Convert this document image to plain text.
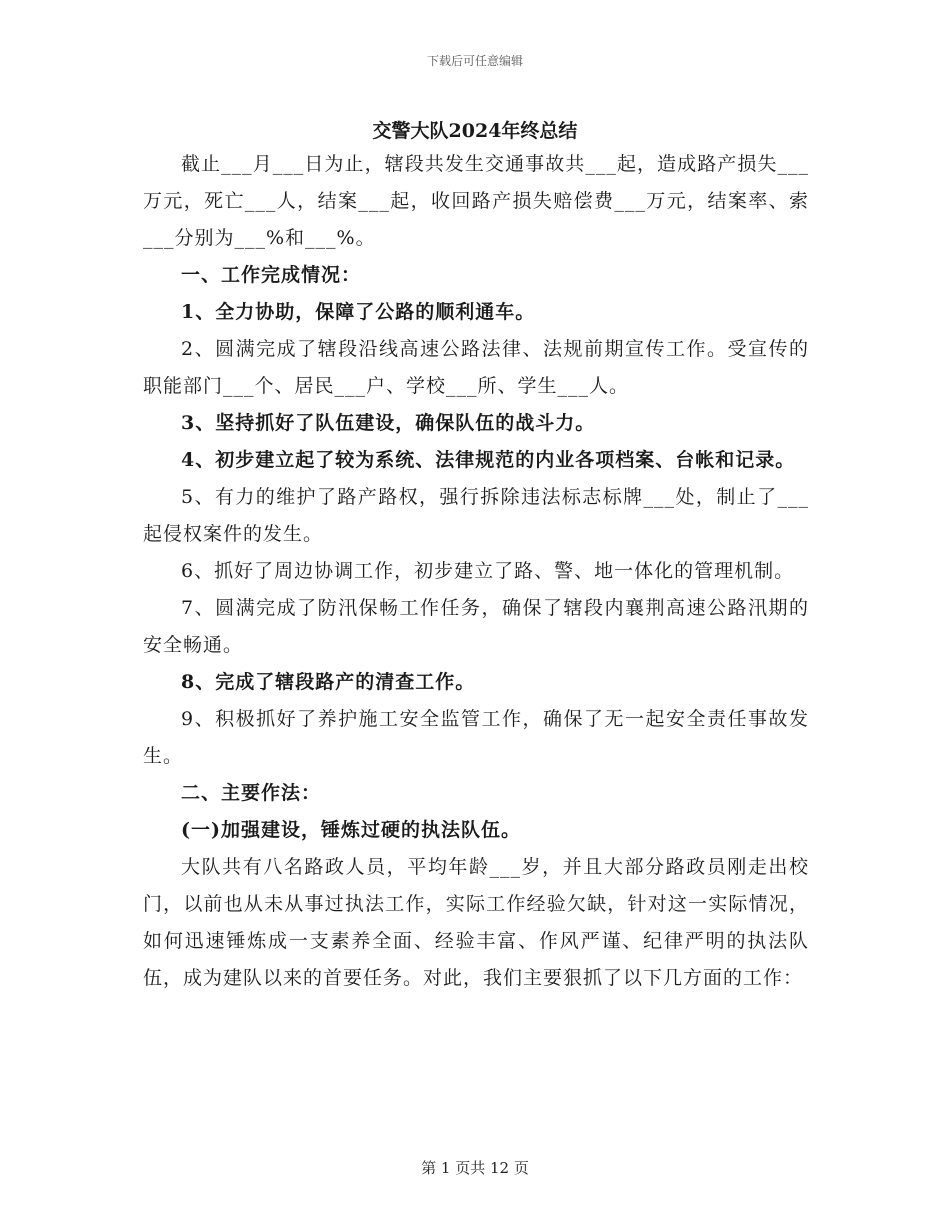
下载后可任意编辑
交警大队2024年终总结

截止___月___日为止，辖段共发生交通事故共___起，造成路产损失___万元，死亡___人，结案___起，收回路产损失赔偿费___万元，结案率、索___分别为___%和___%。

一、工作完成情况：

1、全力协助，保障了公路的顺利通车。

2、圆满完成了辖段沿线高速公路法律、法规前期宣传工作。受宣传的职能部门___个、居民___户、学校___所、学生___人。

3、坚持抓好了队伍建设，确保队伍的战斗力。

4、初步建立起了较为系统、法律规范的内业各项档案、台帐和记录。

5、有力的维护了路产路权，强行拆除违法标志标牌___处，制止了___起侵权案件的发生。

6、抓好了周边协调工作，初步建立了路、警、地一体化的管理机制。

7、圆满完成了防汛保畅工作任务，确保了辖段内襄荆高速公路汛期的安全畅通。

8、完成了辖段路产的清查工作。

9、积极抓好了养护施工安全监管工作，确保了无一起安全责任事故发生。

二、主要作法：

(一)加强建设，锤炼过硬的执法队伍。

大队共有八名路政人员，平均年龄___岁，并且大部分路政员刚走出校门，以前也从未从事过执法工作，实际工作经验欠缺，针对这一实际情况，如何迅速锤炼成一支素养全面、经验丰富、作风严谨、纪律严明的执法队伍，成为建队以来的首要任务。对此，我们主要狠抓了以下几方面的工作：

第 1 页共 12 页
